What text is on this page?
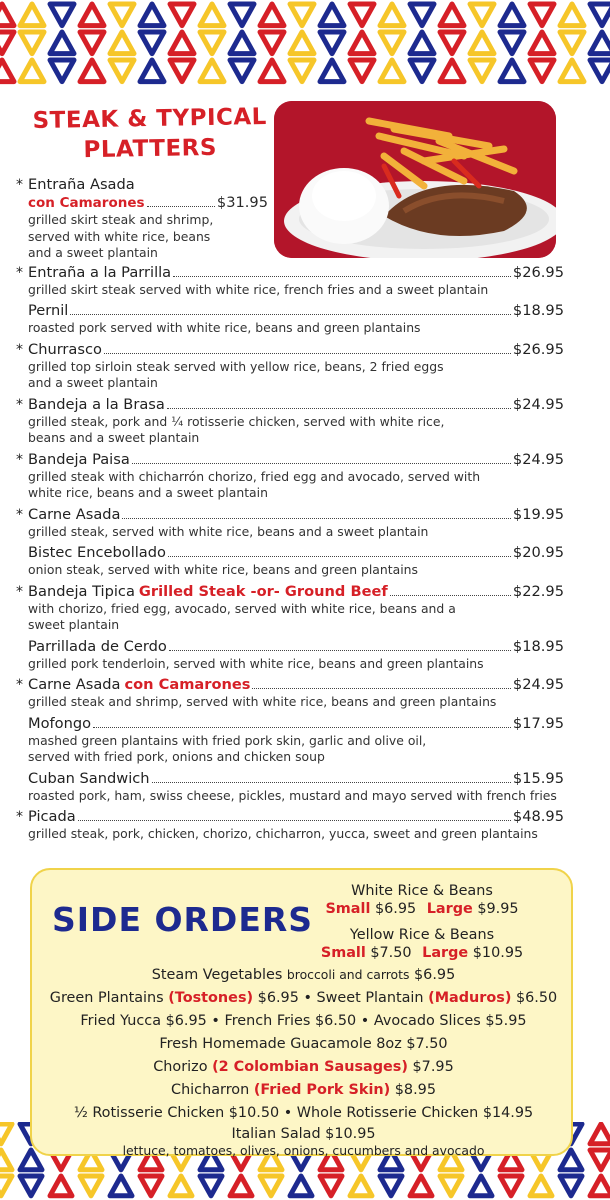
STEAK & TYPICAL
PLATTERS
* Entraña Asada
con Camarones	$31.95
grilled skirt steak and shrimp,
served with white rice, beans
and a sweet plantain
* Entraña a la Parrilla	$26.95
grilled skirt steak served with white rice, french fries and a sweet plantain
Pernil	$18.95
roasted pork served with white rice, beans and green plantains
* Churrasco	$26.95
grilled top sirloin steak served with yellow rice, beans, 2 fried eggs
and a sweet plantain
* Bandeja a la Brasa	$24.95
grilled steak, pork and ¼ rotisserie chicken, served with white rice,
beans and a sweet plantain
* Bandeja Paisa	$24.95
grilled steak with chicharrón chorizo, fried egg and avocado, served with
white rice, beans and a sweet plantain
* Carne Asada	$19.95
grilled steak, served with white rice, beans and a sweet plantain
Bistec Encebollado	$20.95
onion steak, served with white rice, beans and green plantains
* Bandeja Tipica Grilled Steak -or- Ground Beef	$22.95
with chorizo, fried egg, avocado, served with white rice, beans and a
sweet plantain
Parrillada de Cerdo	$18.95
grilled pork tenderloin, served with white rice, beans and green plantains
* Carne Asada con Camarones	$24.95
grilled steak and shrimp, served with white rice, beans and green plantains
Mofongo	$17.95
mashed green plantains with fried pork skin, garlic and olive oil,
served with fried pork, onions and chicken soup
Cuban Sandwich	$15.95
roasted pork, ham, swiss cheese, pickles, mustard and mayo served with french fries
* Picada	$48.95
grilled steak, pork, chicken, chorizo, chicharron, yucca, sweet and green plantains
SIDE ORDERS
White Rice & Beans
Small $6.95 Large $9.95
Yellow Rice & Beans
Small $7.50 Large $10.95
Steam Vegetables broccoli and carrots $6.95
Green Plantains (Tostones) $6.95 • Sweet Plantain (Maduros) $6.50
Fried Yucca $6.95 • French Fries $6.50 • Avocado Slices $5.95
Fresh Homemade Guacamole 8oz $7.50
Chorizo (2 Colombian Sausages) $7.95
Chicharron (Fried Pork Skin) $8.95
½ Rotisserie Chicken $10.50 • Whole Rotisserie Chicken $14.95
Italian Salad $10.95
lettuce, tomatoes, olives, onions, cucumbers and avocado
